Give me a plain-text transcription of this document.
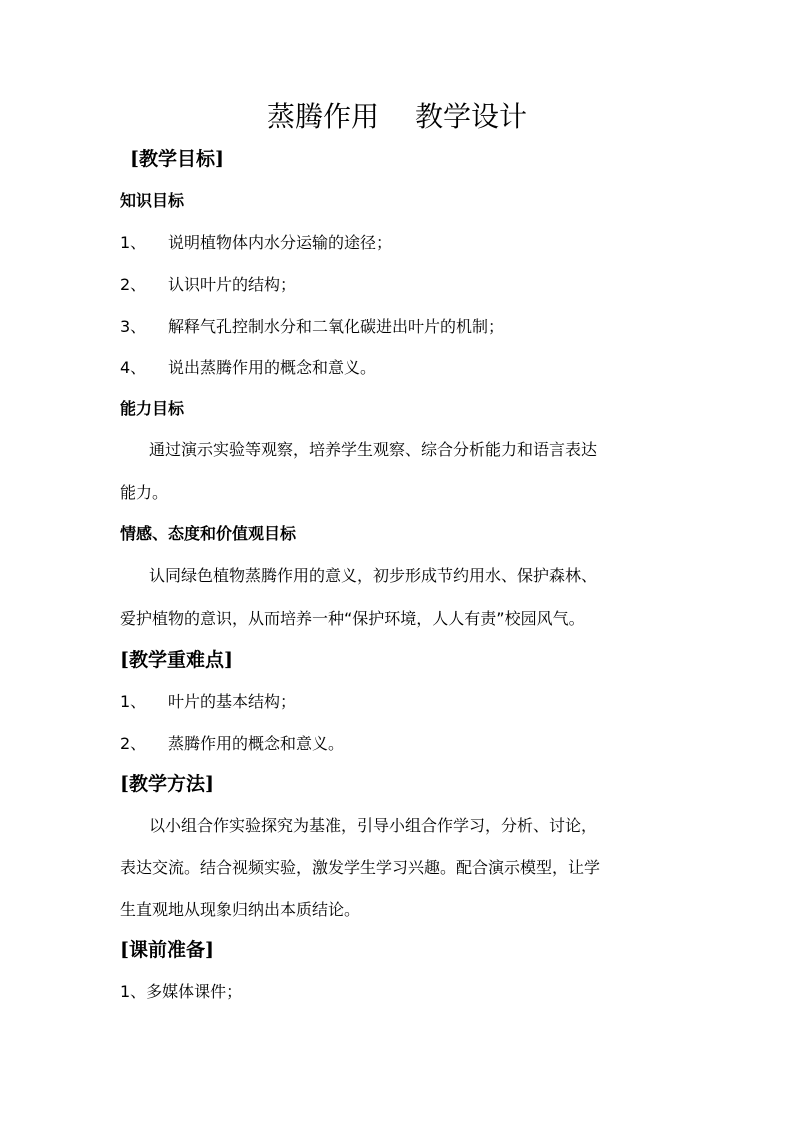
蒸腾作用 教学设计
[教学目标]
知识目标
1、 说明植物体内水分运输的途径；
2、 认识叶片的结构；
3、 解释气孔控制水分和二氧化碳进出叶片的机制；
4、 说出蒸腾作用的概念和意义。
能力目标
通过演示实验等观察，培养学生观察、综合分析能力和语言表达
能力。
情感、态度和价值观目标
认同绿色植物蒸腾作用的意义，初步形成节约用水、保护森林、
爱护植物的意识，从而培养一种“保护环境，人人有责”校园风气。
[教学重难点]
1、 叶片的基本结构；
2、 蒸腾作用的概念和意义。
[教学方法]
以小组合作实验探究为基准，引导小组合作学习，分析、讨论，
表达交流。结合视频实验，激发学生学习兴趣。配合演示模型，让学
生直观地从现象归纳出本质结论。
[课前准备]
1、多媒体课件；
